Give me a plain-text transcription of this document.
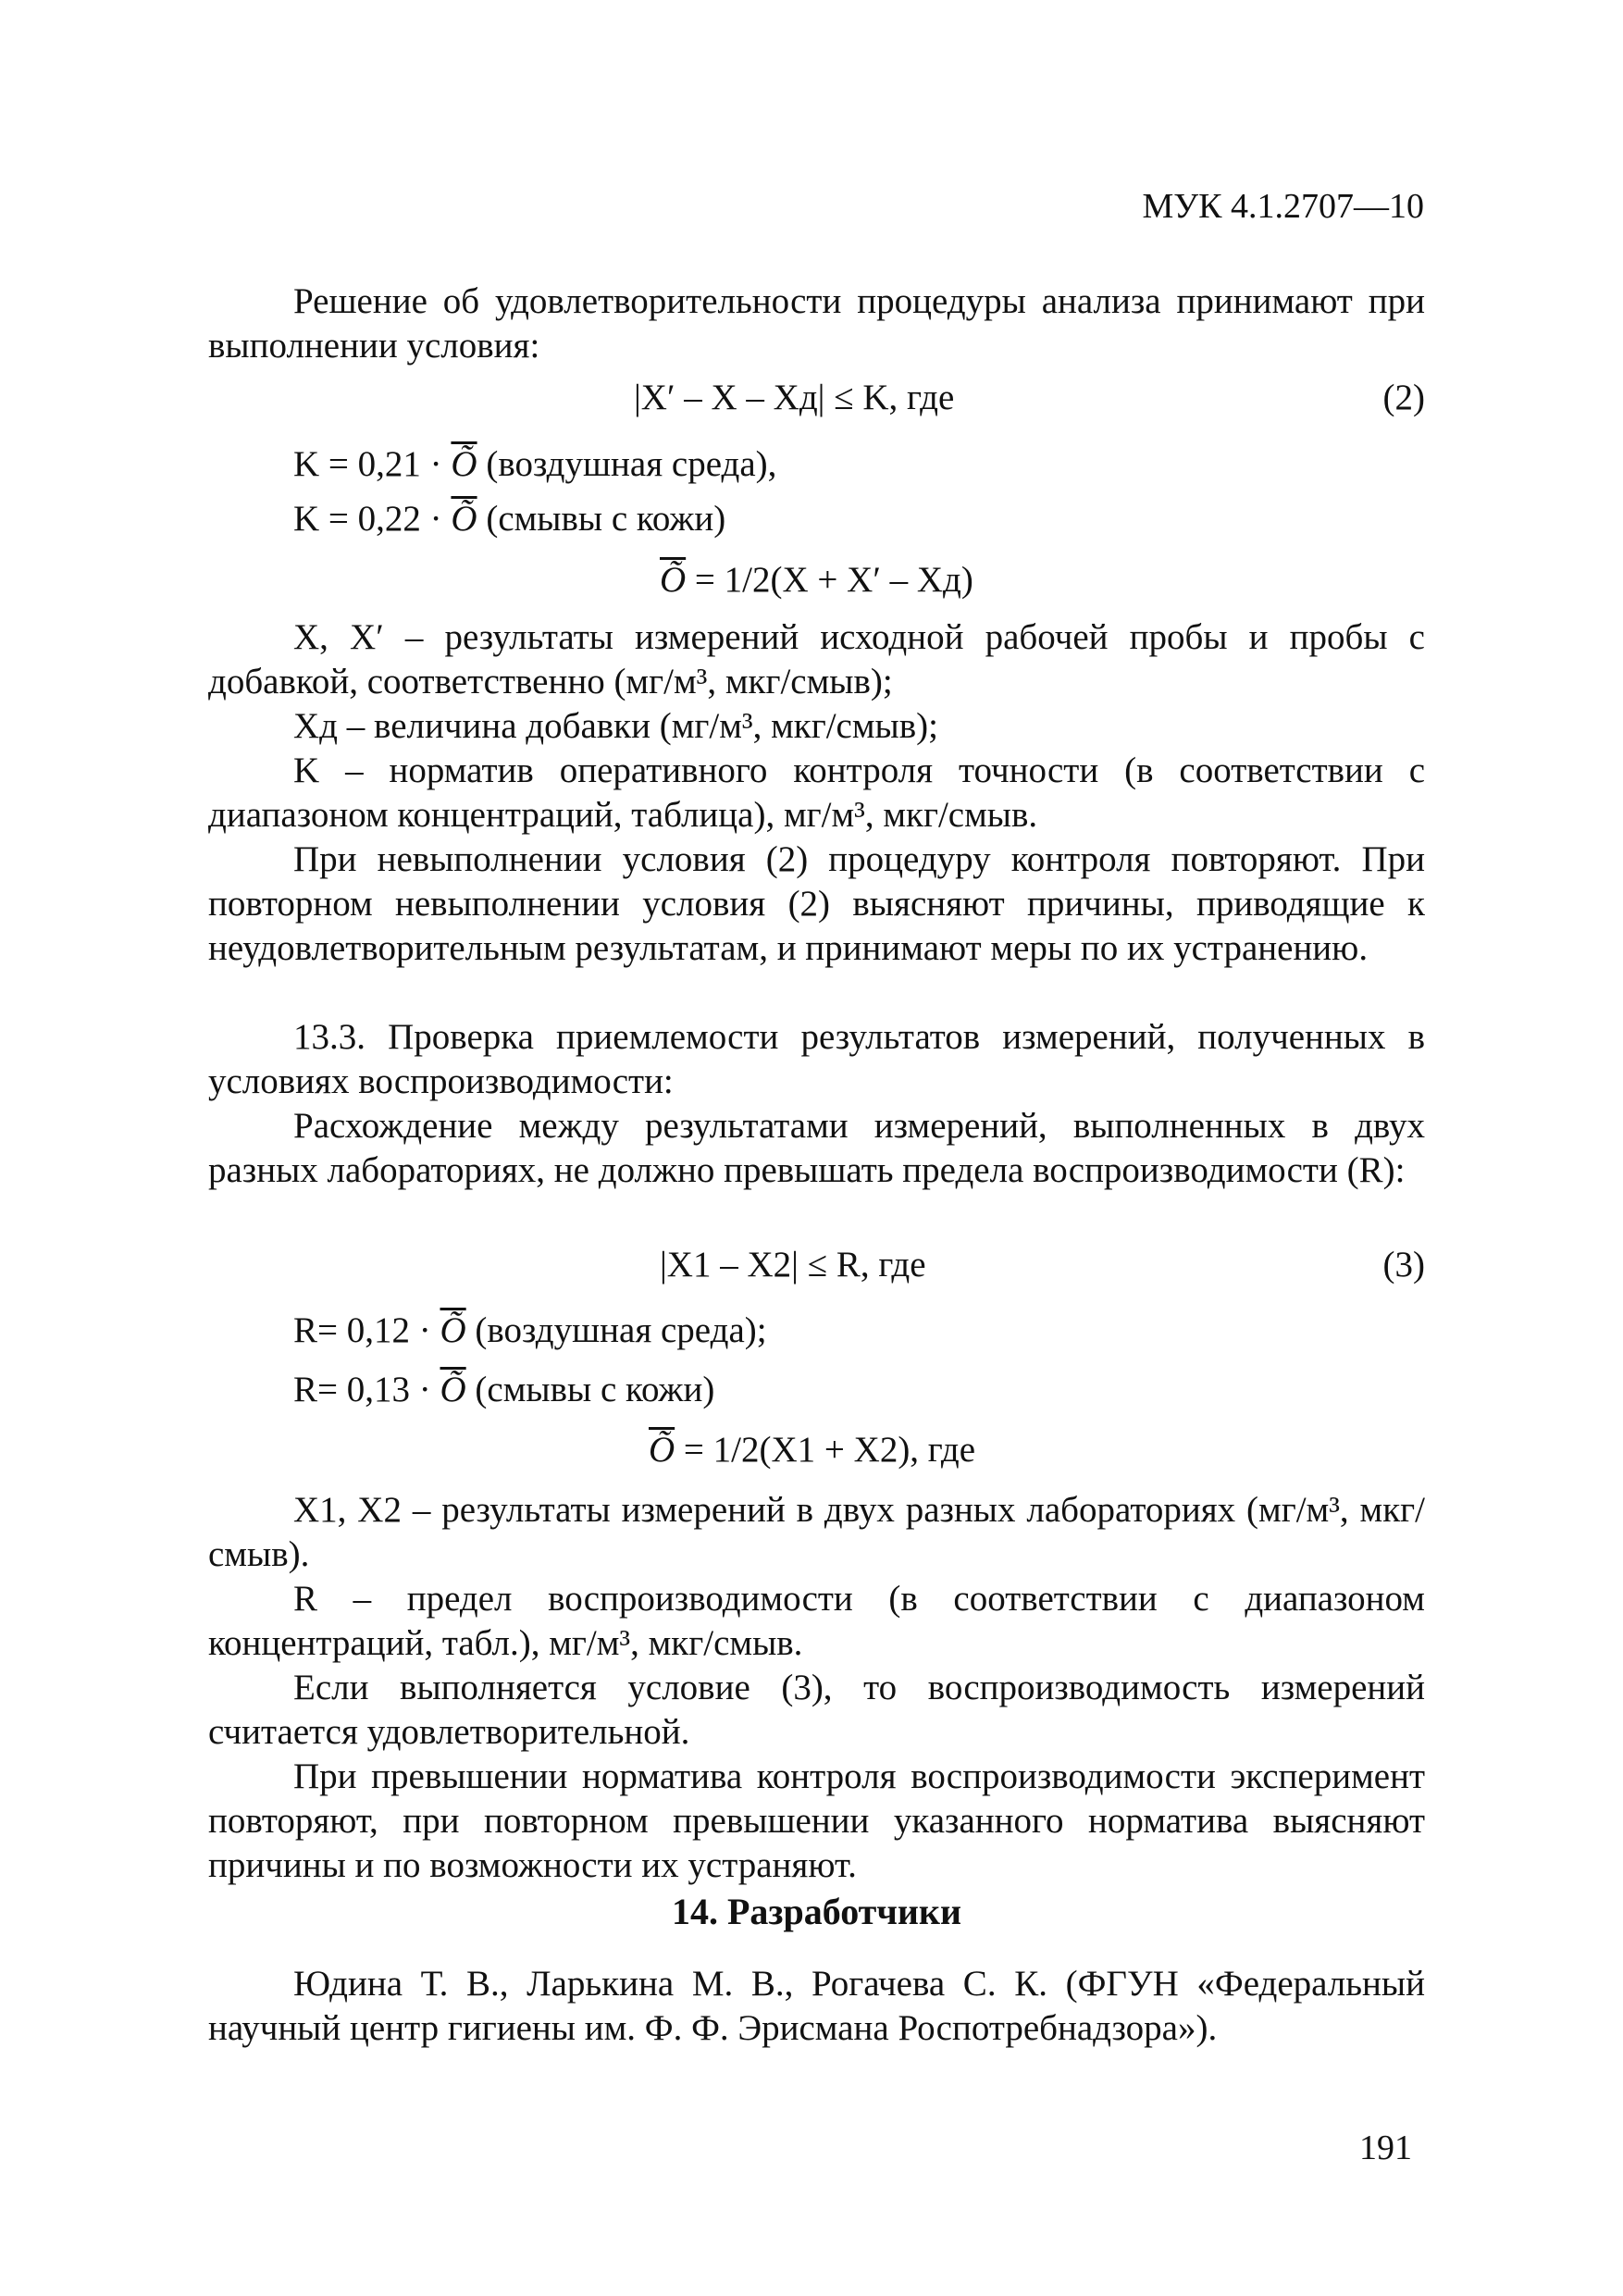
МУК 4.1.2707—10
Решение об удовлетворительности процедуры анализа принимают при выполнении условия:
|X′ – X – Xд| ≤ K, где	(2)
$K = 0,21 \cdot \overline{Õ}$ (воздушная среда),
$K = 0,22 \cdot \overline{Õ}$ (смывы с кожи)
$\overline{Õ} = 1/2(X + X' - Xд)$
X, X′ – результаты измерений исходной рабочей пробы и пробы с добавкой, соответственно (мг/м³, мкг/смыв);
Xд – величина добавки (мг/м³, мкг/смыв);
K – норматив оперативного контроля точности (в соответствии с диапазоном концентраций, таблица), мг/м³, мкг/смыв.
При невыполнении условия (2) процедуру контроля повторяют. При повторном невыполнении условия (2) выясняют причины, приводящие к неудовлетворительным результатам, и принимают меры по их устранению.
13.3. Проверка приемлемости результатов измерений, полученных в условиях воспроизводимости:
Расхождение между результатами измерений, выполненных в двух разных лабораториях, не должно превышать предела воспроизводимости (R):
|X1 – X2| ≤ R, где	(3)
$R= 0,12 \cdot \overline{Õ}$ (воздушная среда);
$R= 0,13 \cdot \overline{Õ}$ (смывы с кожи)
$\overline{Õ} = 1/2(X1 + X2)$, где
X1, X2 – результаты измерений в двух разных лабораториях (мг/м³, мкг/смыв).
R – предел воспроизводимости (в соответствии с диапазоном концентраций, табл.), мг/м³, мкг/смыв.
Если выполняется условие (3), то воспроизводимость измерений считается удовлетворительной.
При превышении норматива контроля воспроизводимости эксперимент повторяют, при повторном превышении указанного норматива выясняют причины и по возможности их устраняют.
14. Разработчики
Юдина Т. В., Ларькина М. В., Рогачева С. К. (ФГУН «Федеральный научный центр гигиены им. Ф. Ф. Эрисмана Роспотребнадзора»).
191
